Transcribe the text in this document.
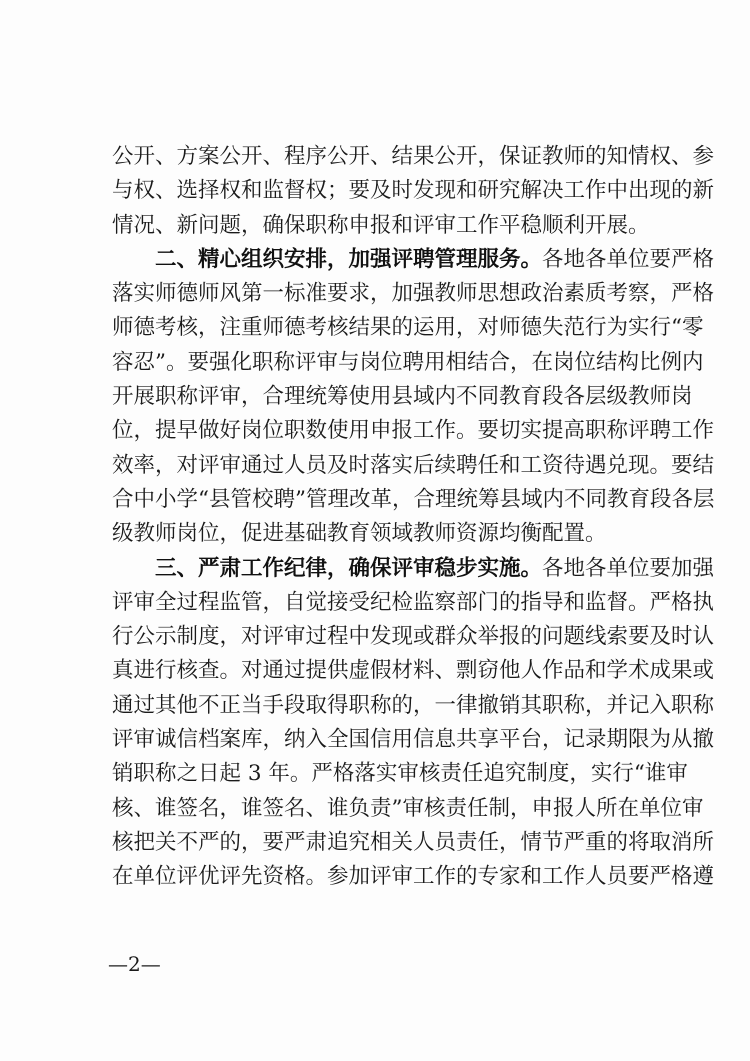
公开、方案公开、程序公开、结果公开，保证教师的知情权、参
与权、选择权和监督权；要及时发现和研究解决工作中出现的新
情况、新问题，确保职称申报和评审工作平稳顺利开展。
二、精心组织安排，加强评聘管理服务。各地各单位要严格
落实师德师风第一标准要求，加强教师思想政治素质考察，严格
师德考核，注重师德考核结果的运用，对师德失范行为实行“零
容忍”。要强化职称评审与岗位聘用相结合，在岗位结构比例内
开展职称评审，合理统筹使用县域内不同教育段各层级教师岗
位，提早做好岗位职数使用申报工作。要切实提高职称评聘工作
效率，对评审通过人员及时落实后续聘任和工资待遇兑现。要结
合中小学“县管校聘”管理改革，合理统筹县域内不同教育段各层
级教师岗位，促进基础教育领域教师资源均衡配置。
三、严肃工作纪律，确保评审稳步实施。各地各单位要加强
评审全过程监管，自觉接受纪检监察部门的指导和监督。严格执
行公示制度，对评审过程中发现或群众举报的问题线索要及时认
真进行核查。对通过提供虚假材料、剽窃他人作品和学术成果或
通过其他不正当手段取得职称的，一律撤销其职称，并记入职称
评审诚信档案库，纳入全国信用信息共享平台，记录期限为从撤
销职称之日起 3 年。严格落实审核责任追究制度，实行“谁审
核、谁签名，谁签名、谁负责”审核责任制，申报人所在单位审
核把关不严的，要严肃追究相关人员责任，情节严重的将取消所
在单位评优评先资格。参加评审工作的专家和工作人员要严格遵
—2—
